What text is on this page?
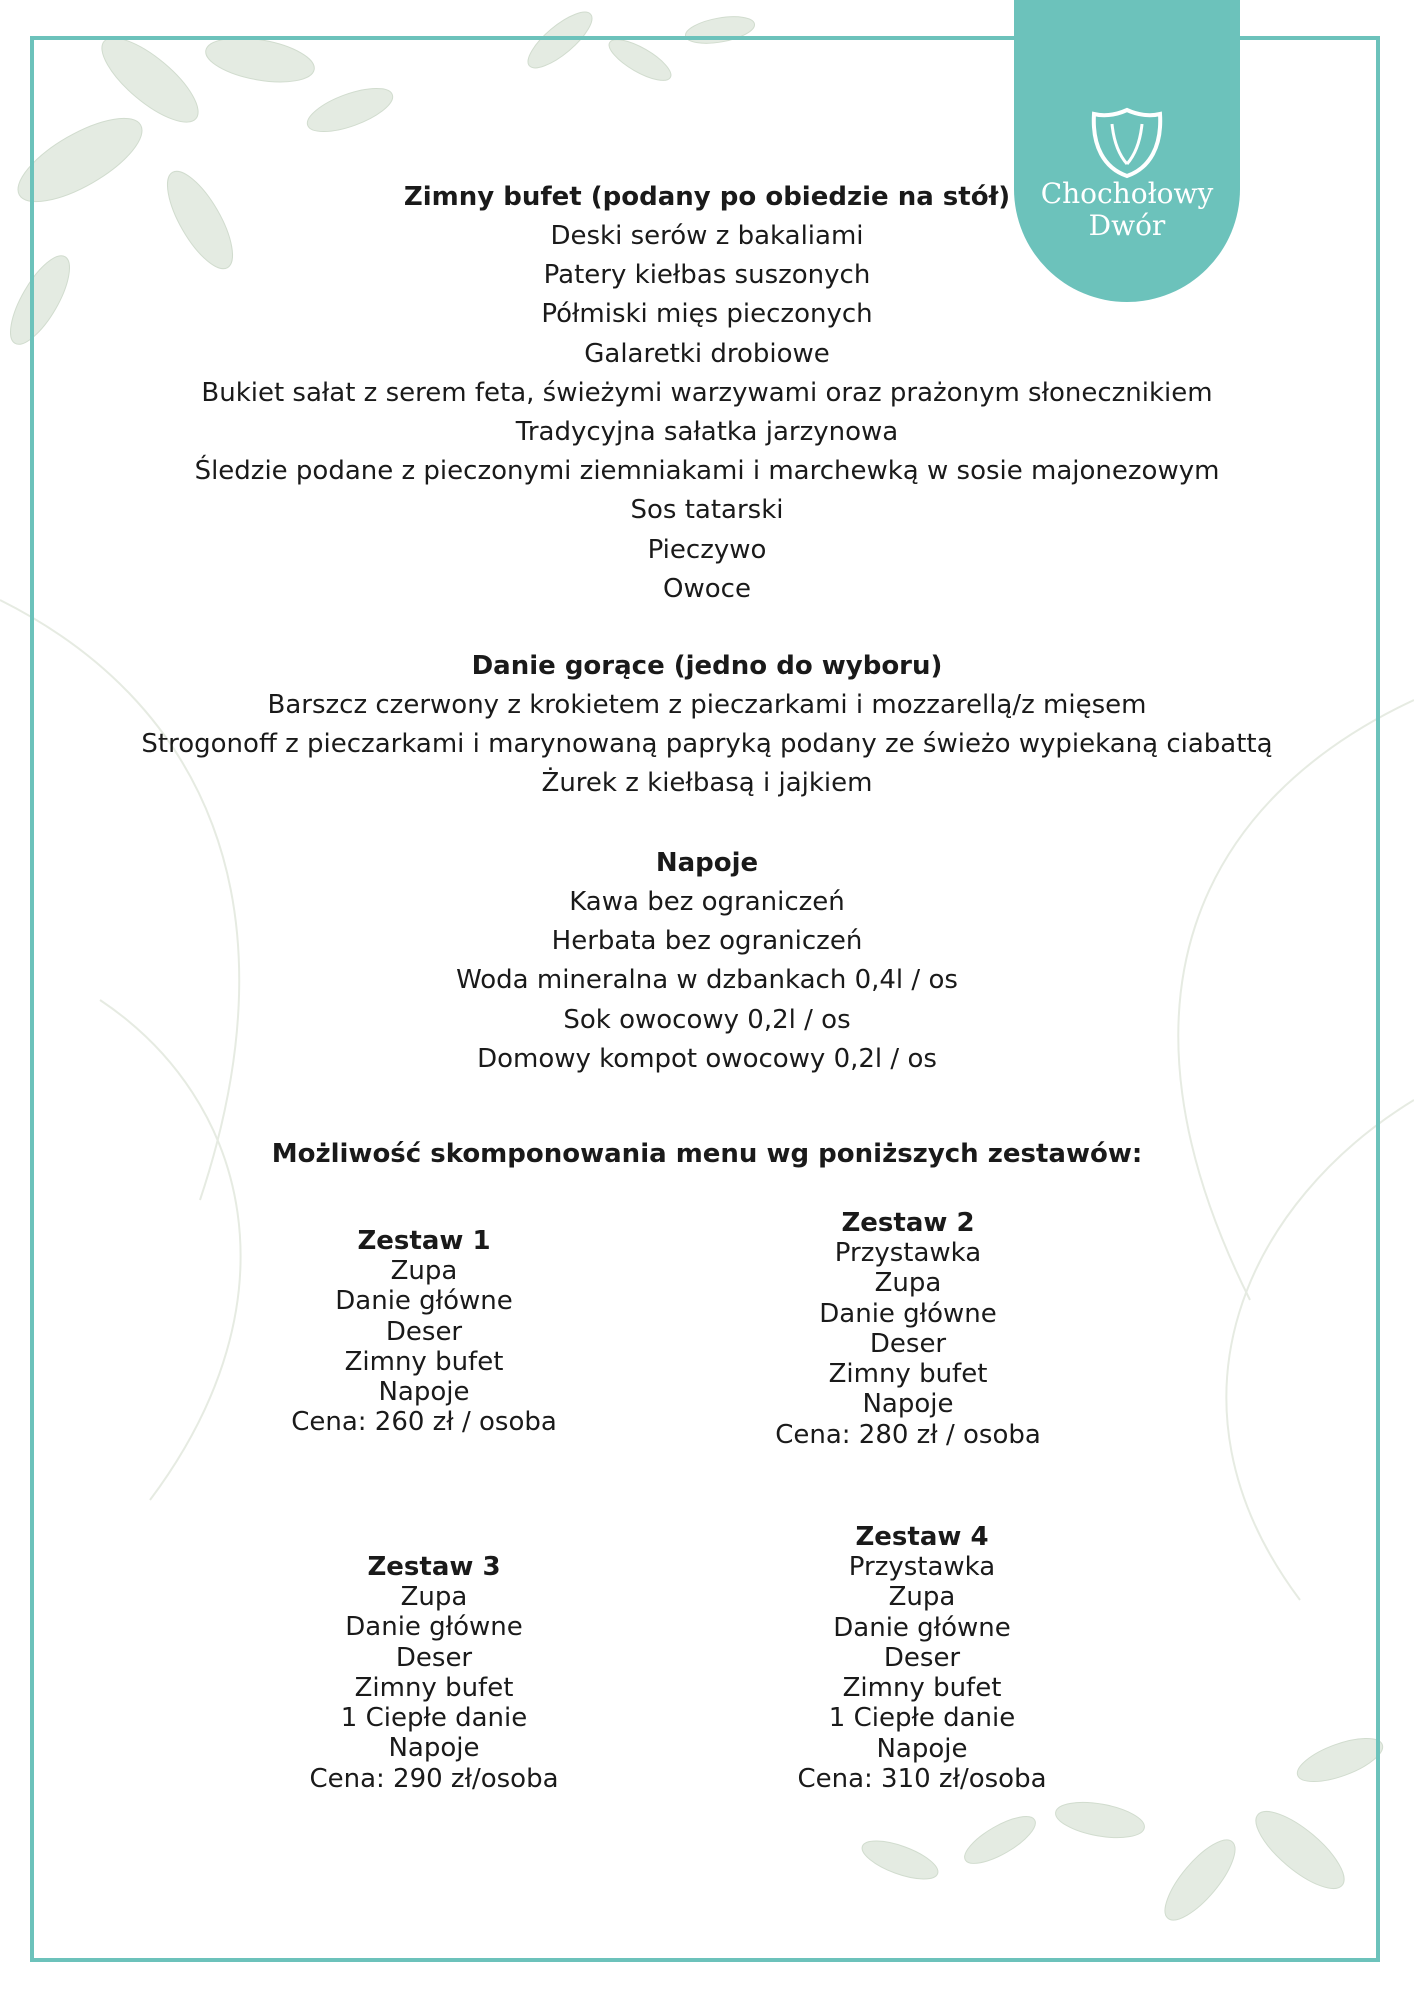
Chochołowy
Dwór
Zimny bufet (podany po obiedzie na stół)
Deski serów z bakaliami
Patery kiełbas suszonych
Półmiski mięs pieczonych
Galaretki drobiowe
Bukiet sałat z serem feta, świeżymi warzywami oraz prażonym słonecznikiem
Tradycyjna sałatka jarzynowa
Śledzie podane z pieczonymi ziemniakami i marchewką w sosie majonezowym
Sos tatarski
Pieczywo
Owoce
Danie gorące (jedno do wyboru)
Barszcz czerwony z krokietem z pieczarkami i mozzarellą/z mięsem
Strogonoff z pieczarkami i marynowaną papryką podany ze świeżo wypiekaną ciabattą
Żurek z kiełbasą i jajkiem
Napoje
Kawa bez ograniczeń
Herbata bez ograniczeń
Woda mineralna w dzbankach 0,4l / os
Sok owocowy 0,2l / os
Domowy kompot owocowy 0,2l / os
Możliwość skomponowania menu wg poniższych zestawów:
Zestaw 1
Zupa
Danie główne
Deser
Zimny bufet
Napoje
Cena: 260 zł / osoba
Zestaw 2
Przystawka
Zupa
Danie główne
Deser
Zimny bufet
Napoje
Cena: 280 zł / osoba
Zestaw 3
Zupa
Danie główne
Deser
Zimny bufet
1 Ciepłe danie
Napoje
Cena: 290 zł/osoba
Zestaw 4
Przystawka
Zupa
Danie główne
Deser
Zimny bufet
1 Ciepłe danie
Napoje
Cena: 310 zł/osoba
